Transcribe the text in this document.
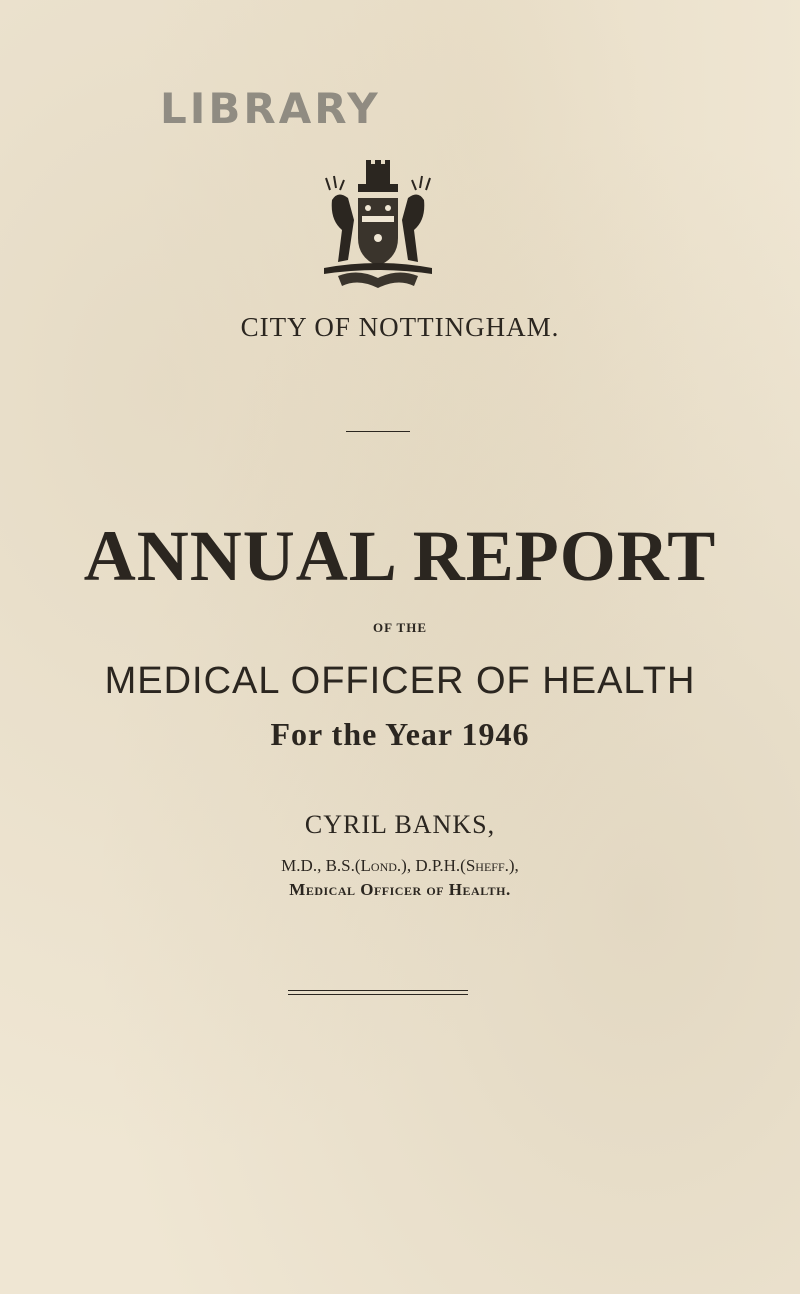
LIBRARY
CITY OF NOTTINGHAM.
ANNUAL REPORT
OF THE
MEDICAL OFFICER OF HEALTH
For the Year 1946
CYRIL BANKS,
M.D., B.S.(Lond.), D.P.H.(Sheff.),
Medical Officer of Health.
